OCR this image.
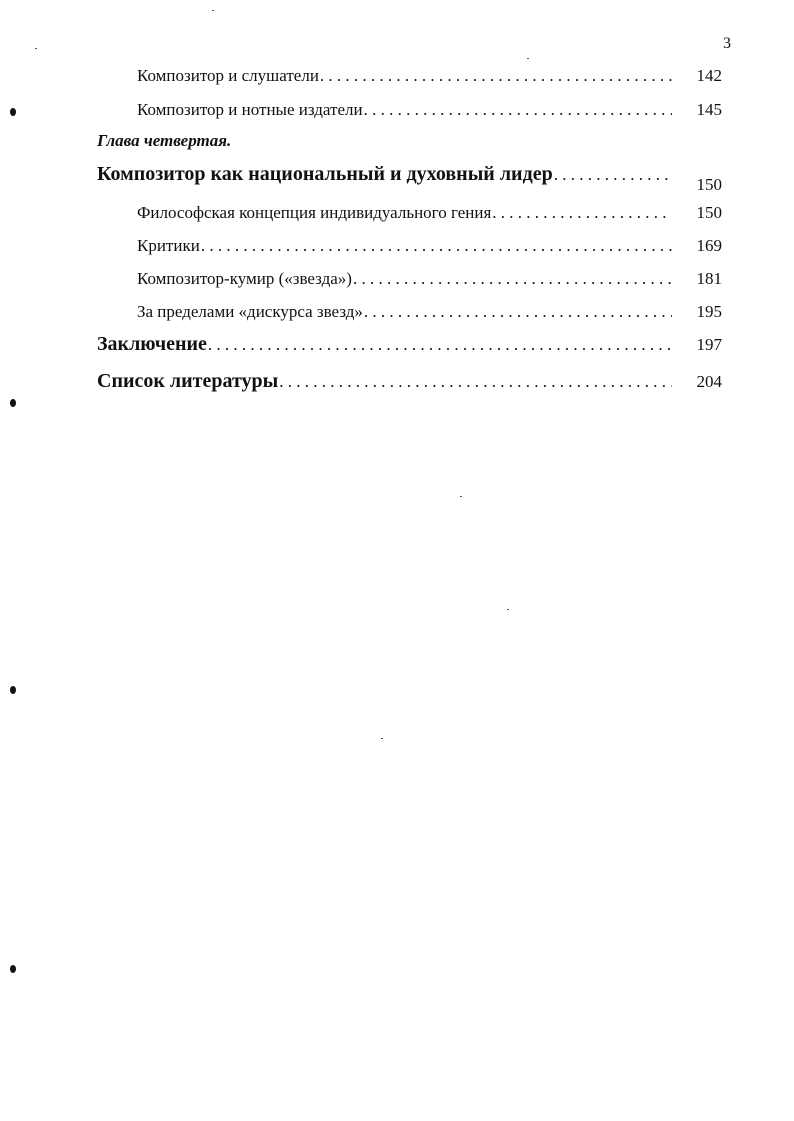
3
Композитор и слушатели . . .	142
Композитор и нотные издатели . . .	145
Глава четвертая.
Композитор как национальный и духовный лидер . . .	150
Философская концепция индивидуального гения . . .	150
Критики . . .	169
Композитор-кумир («звезда») . . .	181
За пределами «дискурса звезд» . . .	195
Заключение . . .	197
Список литературы . . .	204
